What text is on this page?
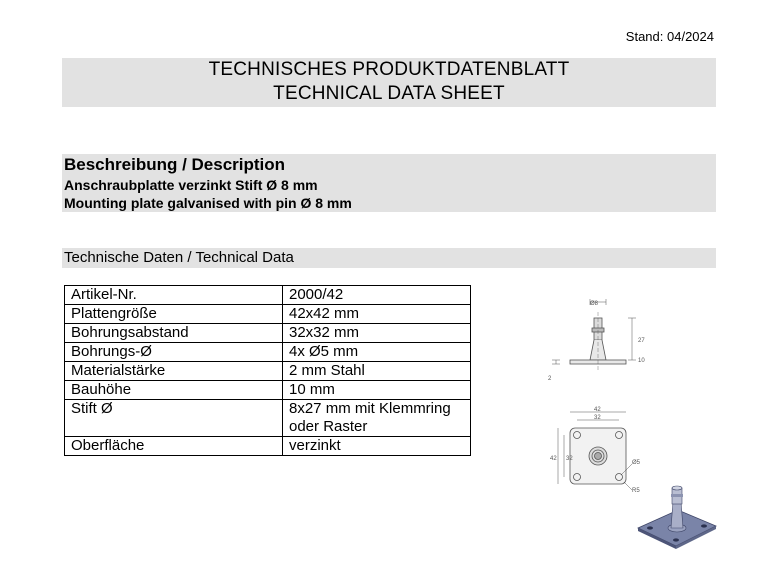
Stand: 04/2024
TECHNISCHES PRODUKTDATENBLATT
TECHNICAL DATA SHEET
Beschreibung / Description
Anschraubplatte verzinkt Stift Ø 8 mm
Mounting plate galvanised with pin Ø 8 mm
Technische Daten / Technical Data
Artikel-Nr.	2000/42
Plattengröße	42x42 mm
Bohrungsabstand	32x32 mm
Bohrungs-Ø	4x Ø5 mm
Materialstärke	2 mm Stahl
Bauhöhe	10 mm
Stift Ø	8x27 mm mit Klemmring oder Raster
Oberfläche	verzinkt
Ø8
27
10
2
42
32
42 32
Ø5
R5
